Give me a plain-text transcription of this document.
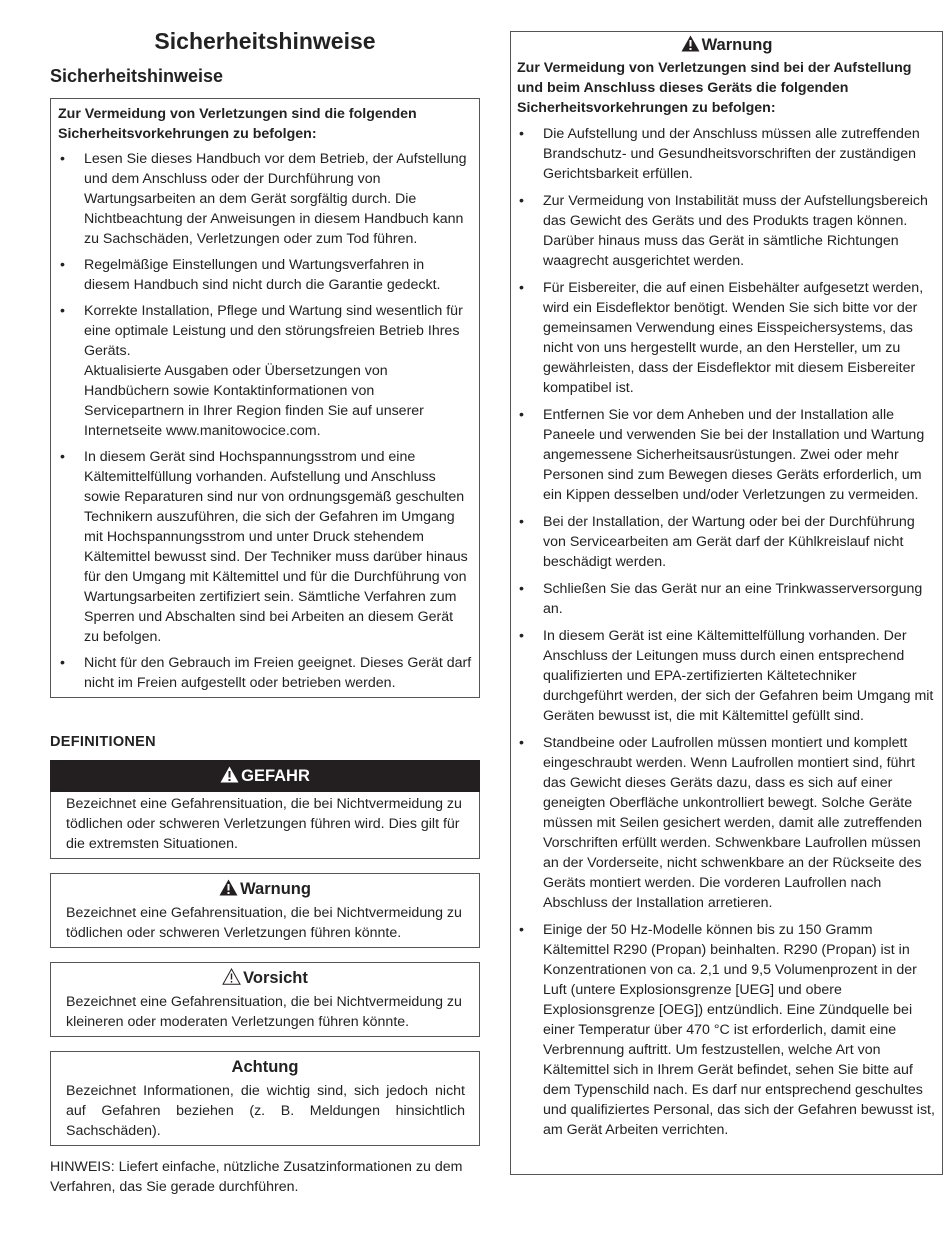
Sicherheitshinweise
Sicherheitshinweise

Zur Vermeidung von Verletzungen sind die folgenden Sicherheitsvorkehrungen zu befolgen:

• Lesen Sie dieses Handbuch vor dem Betrieb, der Aufstellung und dem Anschluss oder der Durchführung von Wartungsarbeiten an dem Gerät sorgfältig durch. Die Nichtbeachtung der Anweisungen in diesem Handbuch kann zu Sachschäden, Verletzungen oder zum Tod führen.
• Regelmäßige Einstellungen und Wartungsverfahren in diesem Handbuch sind nicht durch die Garantie gedeckt.
• Korrekte Installation, Pflege und Wartung sind wesentlich für eine optimale Leistung und den störungsfreien Betrieb Ihres Geräts.
Aktualisierte Ausgaben oder Übersetzungen von Handbüchern sowie Kontaktinformationen von Servicepartnern in Ihrer Region finden Sie auf unserer Internetseite www.manitowocice.com.
• In diesem Gerät sind Hochspannungsstrom und eine Kältemittelfüllung vorhanden. Aufstellung und Anschluss sowie Reparaturen sind nur von ordnungsgemäß geschulten Technikern auszuführen, die sich der Gefahren im Umgang mit Hochspannungsstrom und unter Druck stehendem Kältemittel bewusst sind. Der Techniker muss darüber hinaus für den Umgang mit Kältemittel und für die Durchführung von Wartungsarbeiten zertifiziert sein. Sämtliche Verfahren zum Sperren und Abschalten sind bei Arbeiten an diesem Gerät zu befolgen.
• Nicht für den Gebrauch im Freien geeignet. Dieses Gerät darf nicht im Freien aufgestellt oder betrieben werden.
DEFINITIONEN
GEFAHR
Bezeichnet eine Gefahrensituation, die bei Nichtvermeidung zu tödlichen oder schweren Verletzungen führen wird. Dies gilt für die extremsten Situationen.
Warnung
Bezeichnet eine Gefahrensituation, die bei Nichtvermeidung zu tödlichen oder schweren Verletzungen führen könnte.
Vorsicht
Bezeichnet eine Gefahrensituation, die bei Nichtvermeidung zu kleineren oder moderaten Verletzungen führen könnte.
Achtung
Bezeichnet Informationen, die wichtig sind, sich jedoch nicht auf Gefahren beziehen (z. B. Meldungen hinsichtlich Sachschäden).
HINWEIS: Liefert einfache, nützliche Zusatzinformationen zu dem Verfahren, das Sie gerade durchführen.
Warnung

Zur Vermeidung von Verletzungen sind bei der Aufstellung und beim Anschluss dieses Geräts die folgenden Sicherheitsvorkehrungen zu befolgen:

• Die Aufstellung und der Anschluss müssen alle zutreffenden Brandschutz- und Gesundheitsvorschriften der zuständigen Gerichtsbarkeit erfüllen.
• Zur Vermeidung von Instabilität muss der Aufstellungsbereich das Gewicht des Geräts und des Produkts tragen können. Darüber hinaus muss das Gerät in sämtliche Richtungen waagrecht ausgerichtet werden.
• Für Eisbereiter, die auf einen Eisbehälter aufgesetzt werden, wird ein Eisdeflektor benötigt. Wenden Sie sich bitte vor der gemeinsamen Verwendung eines Eisspeichersystems, das nicht von uns hergestellt wurde, an den Hersteller, um zu gewährleisten, dass der Eisdeflektor mit diesem Eisbereiter kompatibel ist.
• Entfernen Sie vor dem Anheben und der Installation alle Paneele und verwenden Sie bei der Installation und Wartung angemessene Sicherheitsausrüstungen. Zwei oder mehr Personen sind zum Bewegen dieses Geräts erforderlich, um ein Kippen desselben und/oder Verletzungen zu vermeiden.
• Bei der Installation, der Wartung oder bei der Durchführung von Servicearbeiten am Gerät darf der Kühlkreislauf nicht beschädigt werden.
• Schließen Sie das Gerät nur an eine Trinkwasserversorgung an.
• In diesem Gerät ist eine Kältemittelfüllung vorhanden. Der Anschluss der Leitungen muss durch einen entsprechend qualifizierten und EPA-zertifizierten Kältetechniker durchgeführt werden, der sich der Gefahren beim Umgang mit Geräten bewusst ist, die mit Kältemittel gefüllt sind.
• Standbeine oder Laufrollen müssen montiert und komplett eingeschraubt werden. Wenn Laufrollen montiert sind, führt das Gewicht dieses Geräts dazu, dass es sich auf einer geneigten Oberfläche unkontrolliert bewegt. Solche Geräte müssen mit Seilen gesichert werden, damit alle zutreffenden Vorschriften erfüllt werden. Schwenkbare Laufrollen müssen an der Vorderseite, nicht schwenkbare an der Rückseite des Geräts montiert werden. Die vorderen Laufrollen nach Abschluss der Installation arretieren.
• Einige der 50 Hz-Modelle können bis zu 150 Gramm Kältemittel R290 (Propan) beinhalten. R290 (Propan) ist in Konzentrationen von ca. 2,1 und 9,5 Volumenprozent in der Luft (untere Explosionsgrenze [UEG] und obere Explosionsgrenze [OEG]) entzündlich. Eine Zündquelle bei einer Temperatur über 470 °C ist erforderlich, damit eine Verbrennung auftritt. Um festzustellen, welche Art von Kältemittel sich in Ihrem Gerät befindet, sehen Sie bitte auf dem Typenschild nach. Es darf nur entsprechend geschultes und qualifiziertes Personal, das sich der Gefahren bewusst ist, am Gerät Arbeiten verrichten.
